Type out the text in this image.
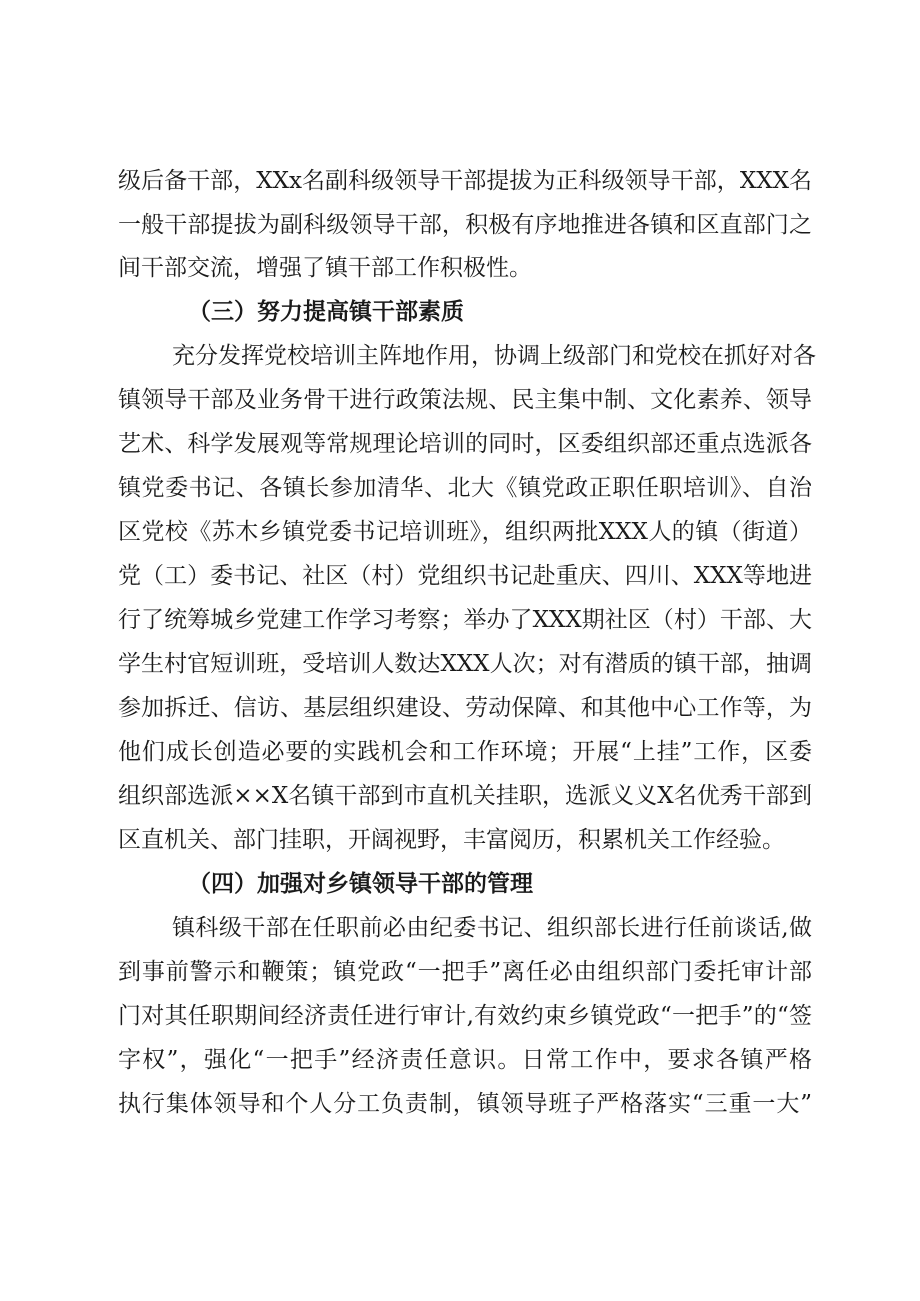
级后备干部，XXx名副科级领导干部提拔为正科级领导干部，XXX名
一般干部提拔为副科级领导干部，积极有序地推进各镇和区直部门之
间干部交流，增强了镇干部工作积极性。
（三）努力提高镇干部素质
充分发挥党校培训主阵地作用，协调上级部门和党校在抓好对各
镇领导干部及业务骨干进行政策法规、民主集中制、文化素养、领导
艺术、科学发展观等常规理论培训的同时，区委组织部还重点选派各
镇党委书记、各镇长参加清华、北大《镇党政正职任职培训》、自治
区党校《苏木乡镇党委书记培训班》，组织两批XXX人的镇（街道）
党（工）委书记、社区（村）党组织书记赴重庆、四川、XXX等地进
行了统筹城乡党建工作学习考察；举办了XXX期社区（村）干部、大
学生村官短训班，受培训人数达XXX人次；对有潜质的镇干部，抽调
参加拆迁、信访、基层组织建设、劳动保障、和其他中心工作等，为
他们成长创造必要的实践机会和工作环境；开展“上挂”工作，区委
组织部选派××X名镇干部到市直机关挂职，选派义义X名优秀干部到
区直机关、部门挂职，开阔视野，丰富阅历，积累机关工作经验。
（四）加强对乡镇领导干部的管理
镇科级干部在任职前必由纪委书记、组织部长进行任前谈话,做
到事前警示和鞭策；镇党政“一把手”离任必由组织部门委托审计部
门对其任职期间经济责任进行审计,有效约束乡镇党政“一把手”的“签
字权”，强化“一把手”经济责任意识。日常工作中，要求各镇严格
执行集体领导和个人分工负责制，镇领导班子严格落实“三重一大”
